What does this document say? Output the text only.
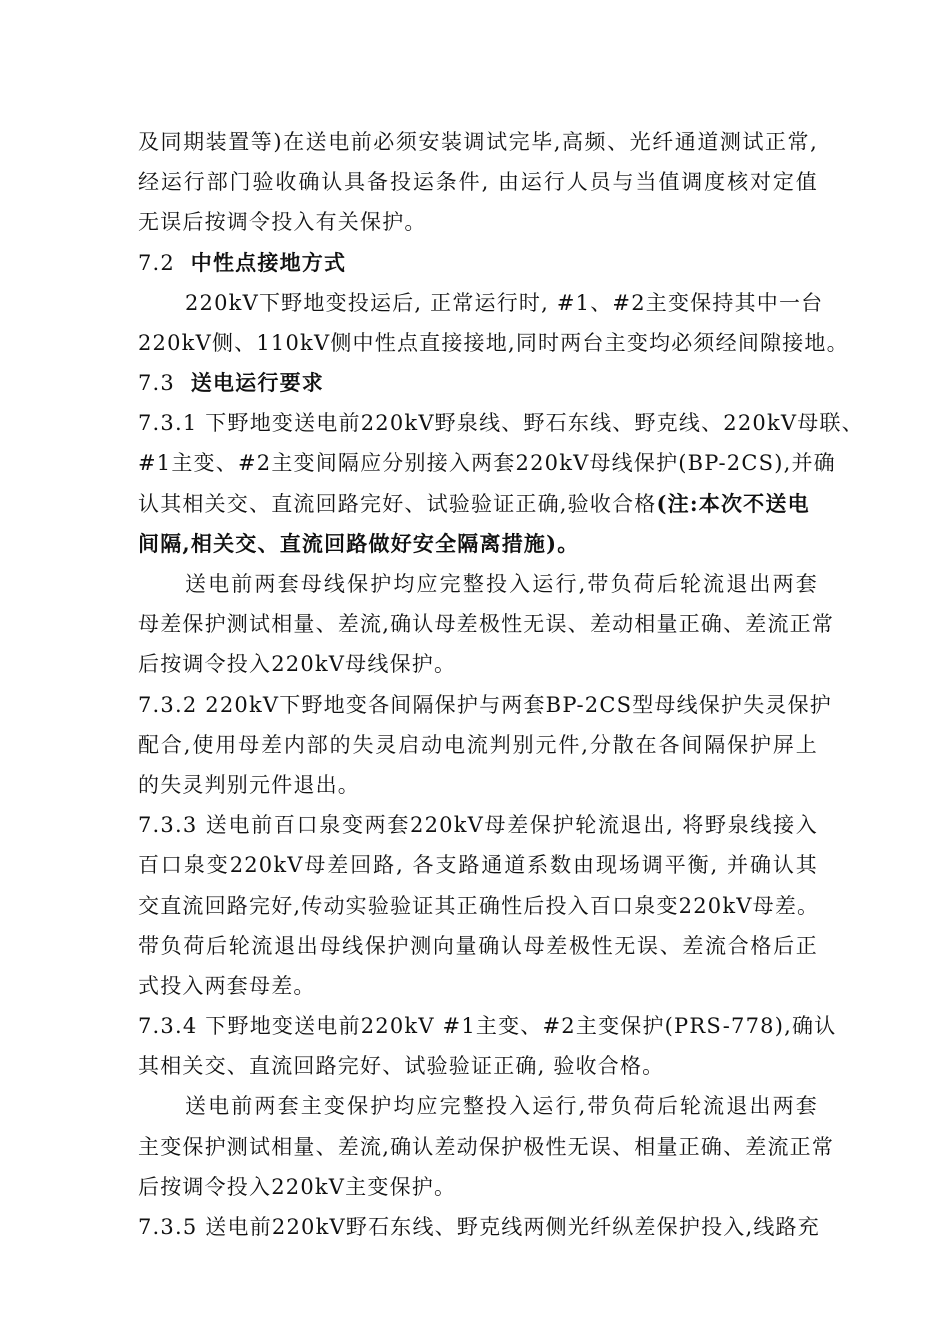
及同期装置等)在送电前必须安装调试完毕,高频、光纤通道测试正常,
经运行部门验收确认具备投运条件, 由运行人员与当值调度核对定值
无误后按调令投入有关保护。
7.2 中性点接地方式
220kV下野地变投运后, 正常运行时, #1、#2主变保持其中一台
220kV侧、110kV侧中性点直接接地,同时两台主变均必须经间隙接地。
7.3 送电运行要求
7.3.1 下野地变送电前220kV野泉线、野石东线、野克线、220kV母联、
#1主变、#2主变间隔应分别接入两套220kV母线保护(BP-2CS),并确
认其相关交、直流回路完好、试验验证正确,验收合格(注:本次不送电
间隔,相关交、直流回路做好安全隔离措施)。
送电前两套母线保护均应完整投入运行,带负荷后轮流退出两套
母差保护测试相量、差流,确认母差极性无误、差动相量正确、差流正常
后按调令投入220kV母线保护。
7.3.2 220kV下野地变各间隔保护与两套BP-2CS型母线保护失灵保护
配合,使用母差内部的失灵启动电流判别元件,分散在各间隔保护屏上
的失灵判别元件退出。
7.3.3 送电前百口泉变两套220kV母差保护轮流退出, 将野泉线接入
百口泉变220kV母差回路, 各支路通道系数由现场调平衡, 并确认其
交直流回路完好,传动实验验证其正确性后投入百口泉变220kV母差。
带负荷后轮流退出母线保护测向量确认母差极性无误、差流合格后正
式投入两套母差。
7.3.4 下野地变送电前220kV #1主变、#2主变保护(PRS-778),确认
其相关交、直流回路完好、试验验证正确, 验收合格。
送电前两套主变保护均应完整投入运行,带负荷后轮流退出两套
主变保护测试相量、差流,确认差动保护极性无误、相量正确、差流正常
后按调令投入220kV主变保护。
7.3.5 送电前220kV野石东线、野克线两侧光纤纵差保护投入,线路充
